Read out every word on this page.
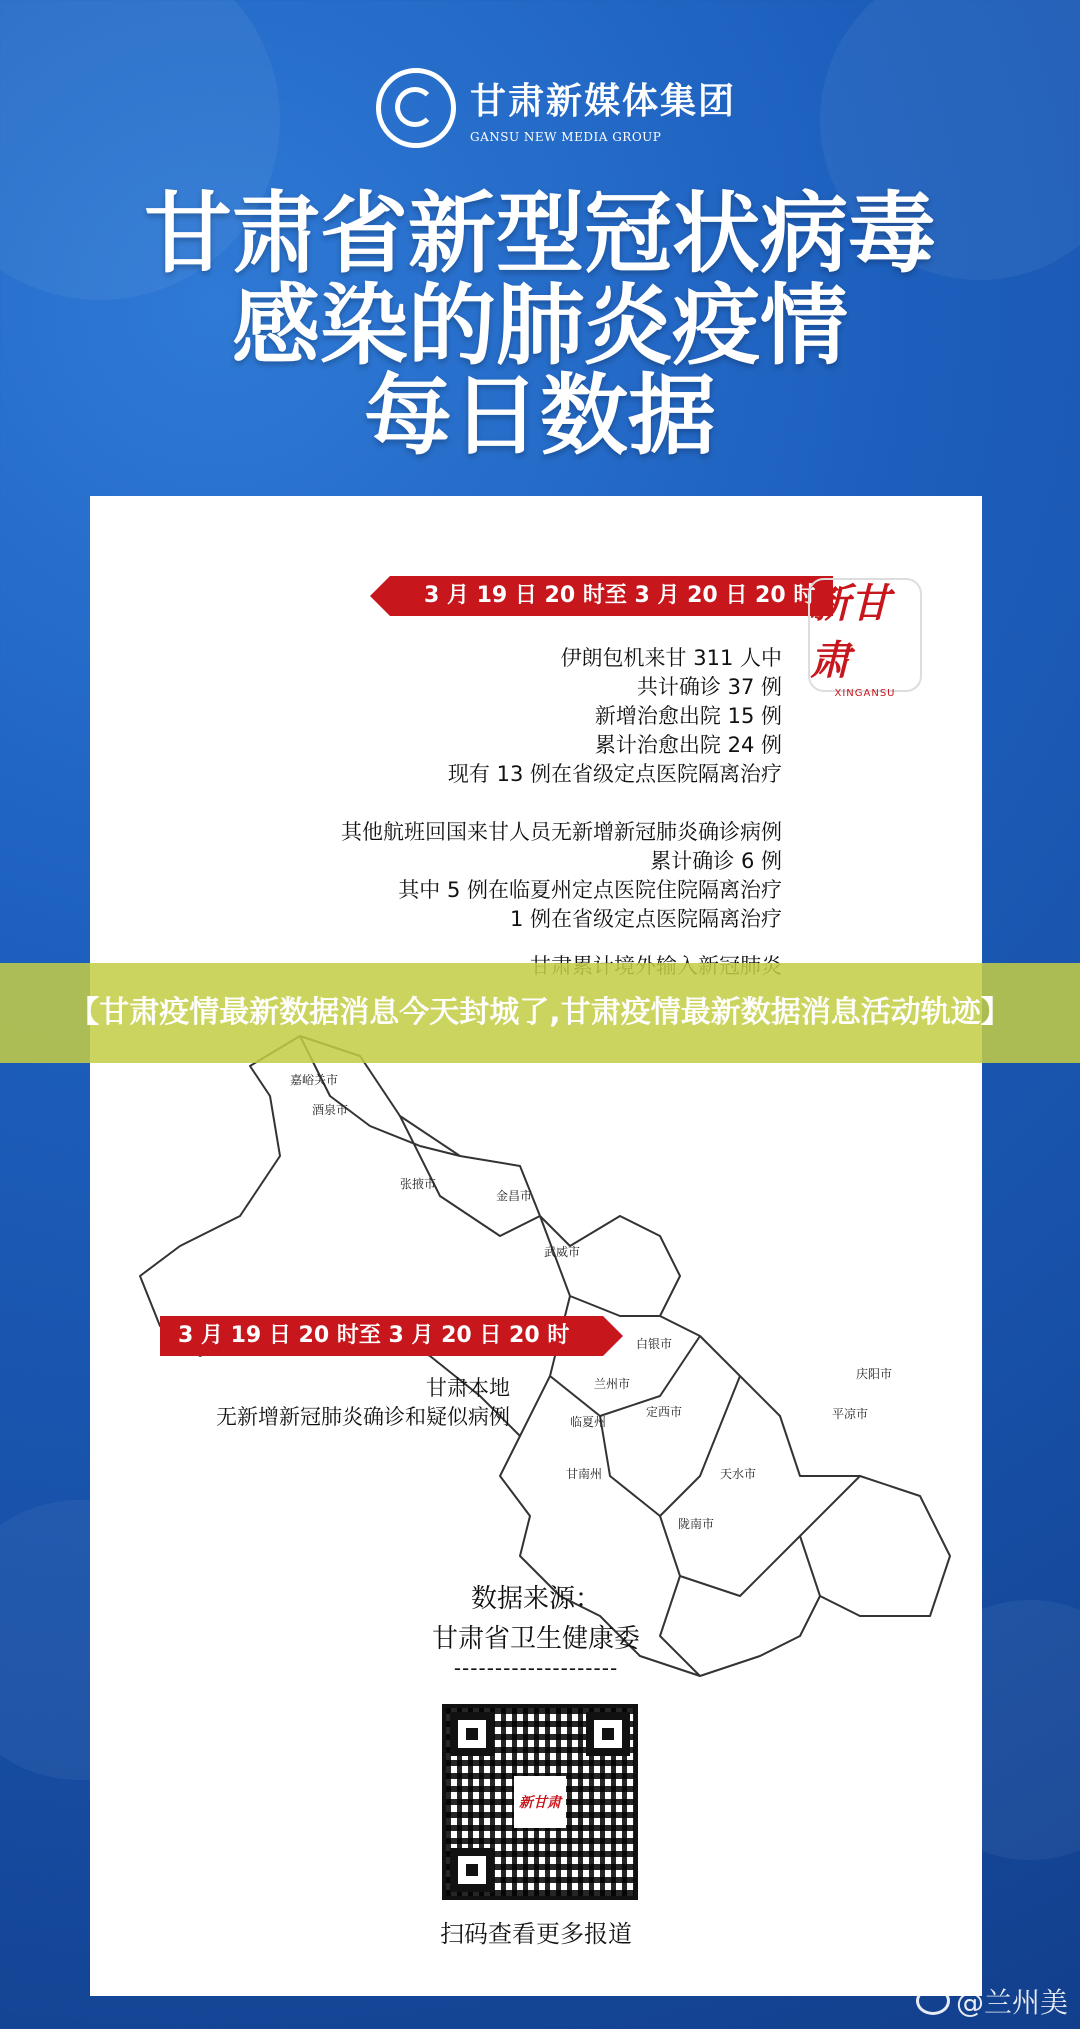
甘肃新媒体集团
GANSU NEW MEDIA GROUP
甘肃省新型冠状病毒
感染的肺炎疫情
每日数据
嘉峪关市
酒泉市
张掖市
金昌市
武威市
白银市
兰州市
临夏州
定西市
甘南州
庆阳市
平凉市
天水市
陇南市
3 月 19 日 20 时至 3 月 20 日 20 时
新甘肃
XINGANSU
伊朗包机来甘 311 人中
共计确诊 37 例
新增治愈出院 15 例
累计治愈出院 24 例
现有 13 例在省级定点医院隔离治疗
其他航班回国来甘人员无新增新冠肺炎确诊病例
累计确诊 6 例
其中 5 例在临夏州定点医院住院隔离治疗
1 例在省级定点医院隔离治疗
3 月 19 日 20 时至 3 月 20 日 20 时
甘肃本地
无新增新冠肺炎确诊和疑似病例
数据来源：
甘肃省卫生健康委
--------------------
新甘肃
扫码查看更多报道
【甘肃疫情最新数据消息今天封城了,甘肃疫情最新数据消息活动轨迹】
@兰州美
